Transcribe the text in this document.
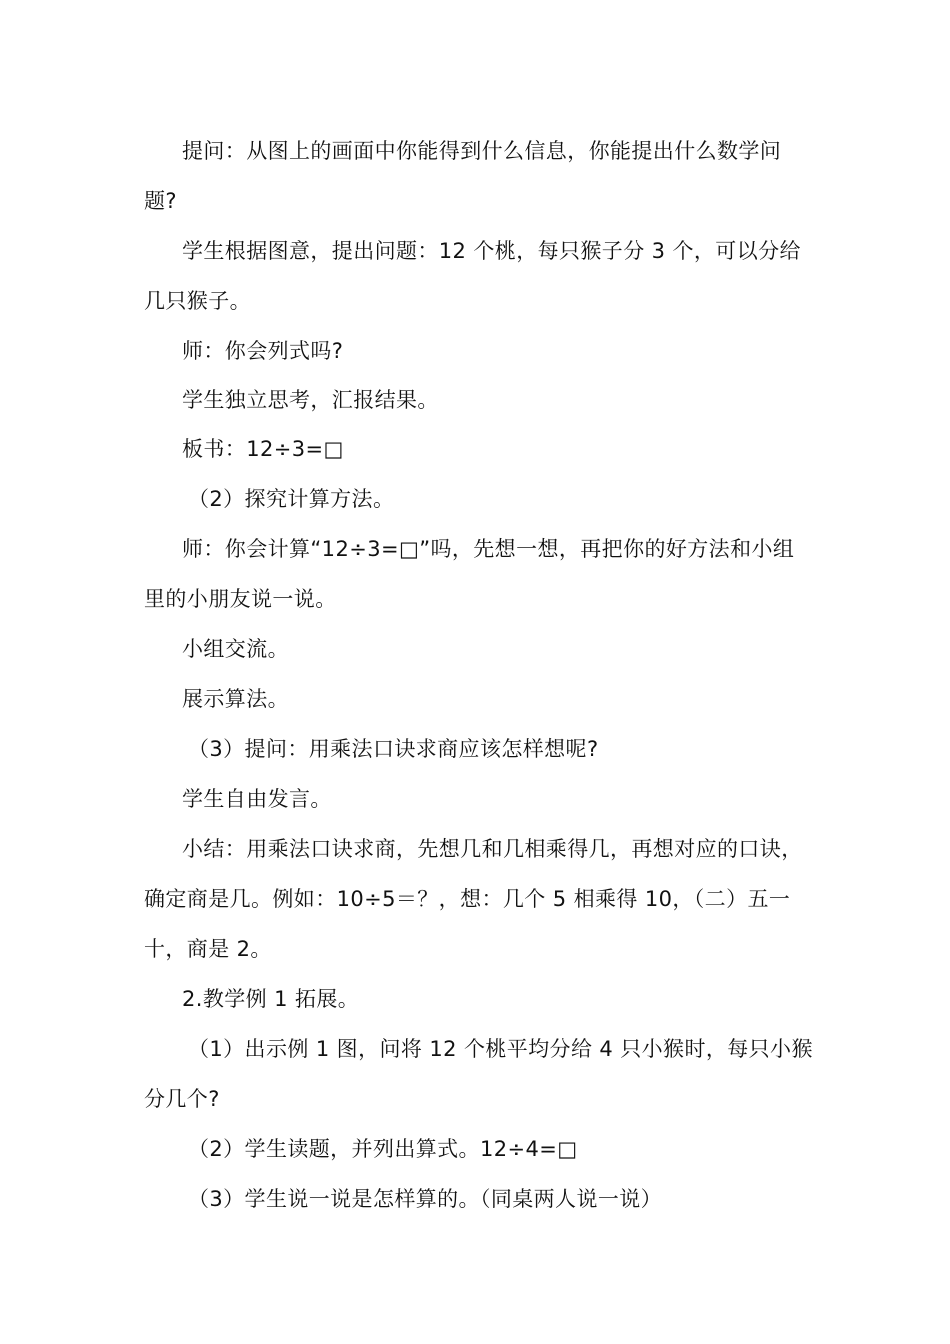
提问：从图上的画面中你能得到什么信息，你能提出什么数学问
题?
学生根据图意，提出问题：12 个桃，每只猴子分 3 个，可以分给
几只猴子。
师：你会列式吗?
学生独立思考，汇报结果。
板书：12÷3=□
（2）探究计算方法。
师：你会计算“12÷3=□”吗，先想一想，再把你的好方法和小组
里的小朋友说一说。
小组交流。
展示算法。
（3）提问：用乘法口诀求商应该怎样想呢?
学生自由发言。
小结：用乘法口诀求商，先想几和几相乘得几，再想对应的口诀，
确定商是几。例如：10÷5＝？，想：几个 5 相乘得 10，（二）五一
十，商是 2。
2.教学例 1 拓展。
（1）出示例 1 图，问将 12 个桃平均分给 4 只小猴时，每只小猴
分几个?
（2）学生读题，并列出算式。12÷4=□
（3）学生说一说是怎样算的。（同桌两人说一说）
